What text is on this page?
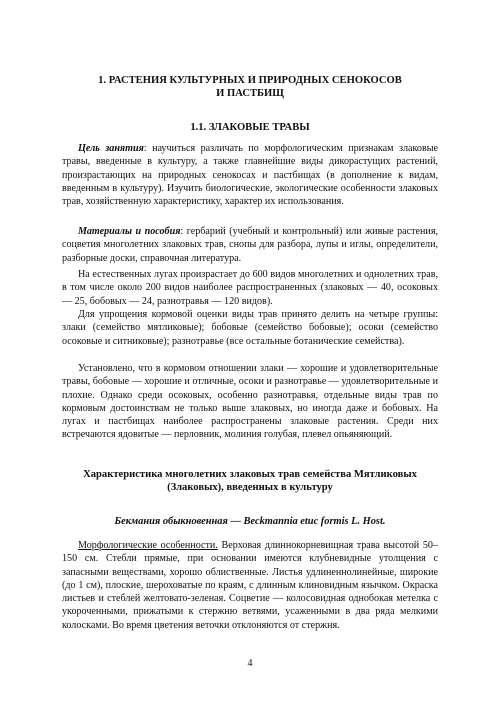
1. РАСТЕНИЯ КУЛЬТУРНЫХ И ПРИРОДНЫХ СЕНОКОСОВ
И ПАСТБИЩ
1.1. ЗЛАКОВЫЕ ТРАВЫ

Цель занятия: научиться различать по морфологическим признакам злаковые травы, введенные в культуру, а также главнейшие виды дикорастущих растений, произрастающих на природных сенокосах и пастбищах (в дополнение к видам, введенным в культуру). Изучить биологические, экологические особенности злаковых трав, хозяйственную характеристику, характер их использования.

Материалы и пособия: гербарий (учебный и контрольный) или живые растения, соцветия многолетних злаковых трав, снопы для разбора, лупы и иглы, определители, разборные доски, справочная литература.

На естественных лугах произрастает до 600 видов многолетних и однолетних трав, в том числе около 200 видов наиболее распространенных (злаковых — 40, осоковых — 25, бобовых — 24, разнотравья — 120 видов).

Для упрощения кормовой оценки виды трав принято делить на четыре группы: злаки (семейство мятликовые); бобовые (семейство бобовые); осоки (семейство осоковые и ситниковые); разнотравье (все остальные ботанические семейства).

Установлено, что в кормовом отношении злаки — хорошие и удовлетворительные травы, бобовые — хорошие и отличные, осоки и разнотравье — удовлетворительные и плохие. Однако среди осоковых, особенно разнотравья, отдельные виды трав по кормовым достоинствам не только выше злаковых, но иногда даже и бобовых. На лугах и пастбищах наиболее распространены злаковые растения. Среди них встречаются ядовитые — перловник, молиния голубая, плевел опьяняющий.

Характеристика многолетних злаковых трав семейства Мятликовых
(Злаковых), введенных в культуру
Бекмания обыкновенная — Beckmannia etuc formis L. Host.

Морфологические особенности. Верховая длиннокорневищная трава высотой 50–150 см. Стебли прямые, при основании имеются клубневидные утолщения с запасными веществами, хорошо облиственные. Листья удлиненнолинейные, широкие (до 1 см), плоские, шероховатые по краям, с длинным клиновидным язычком. Окраска листьев и стеблей желтовато-зеленая. Соцветие — колосовидная однобокая метелка с укороченными, прижатыми к стержню ветвями, усаженными в два ряда мелкими колосками. Во время цветения веточки отклоняются от стержня.

4
